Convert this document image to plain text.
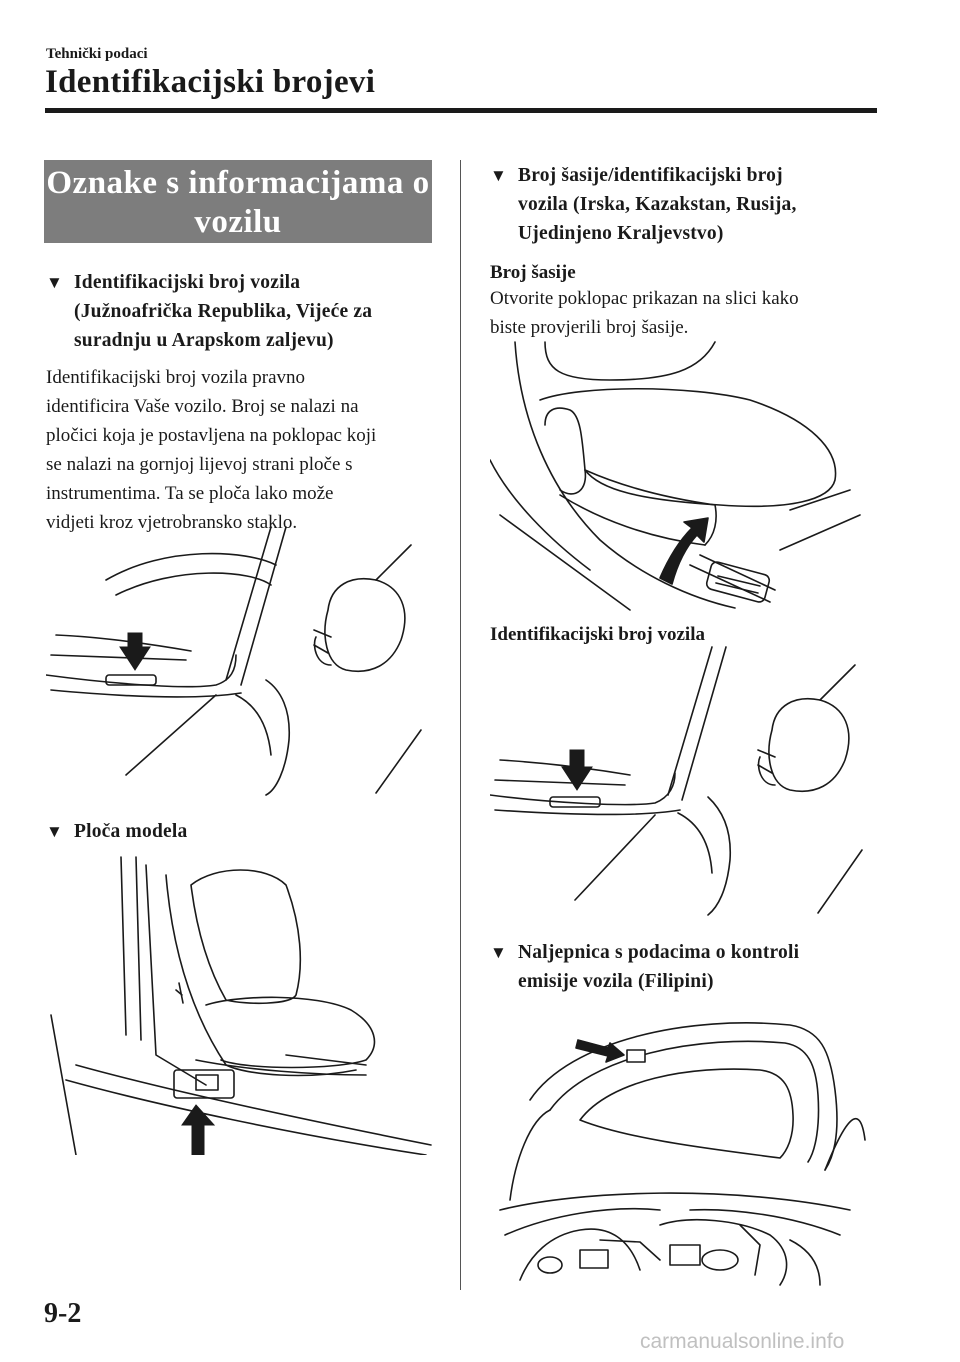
Tehnički podaci
Identifikacijski brojevi
Oznake s informacijama o
vozilu
▼ Identifikacijski broj vozila
(Južnoafrička Republika, Vijeće za
suradnju u Arapskom zaljevu)
Identifikacijski broj vozila pravno
identificira Vaše vozilo. Broj se nalazi na
pločici koja je postavljena na poklopac koji
se nalazi na gornjoj lijevoj strani ploče s
instrumentima. Ta se ploča lako može
vidjeti kroz vjetrobransko staklo.
▼ Ploča modela
▼ Broj šasije/identifikacijski broj
vozila (Irska, Kazakstan, Rusija,
Ujedinjeno Kraljevstvo)
Broj šasije
Otvorite poklopac prikazan na slici kako
biste provjerili broj šasije.
Identifikacijski broj vozila
▼ Naljepnica s podacima o kontroli
emisije vozila (Filipini)
9-2
carmanualsonline.info
